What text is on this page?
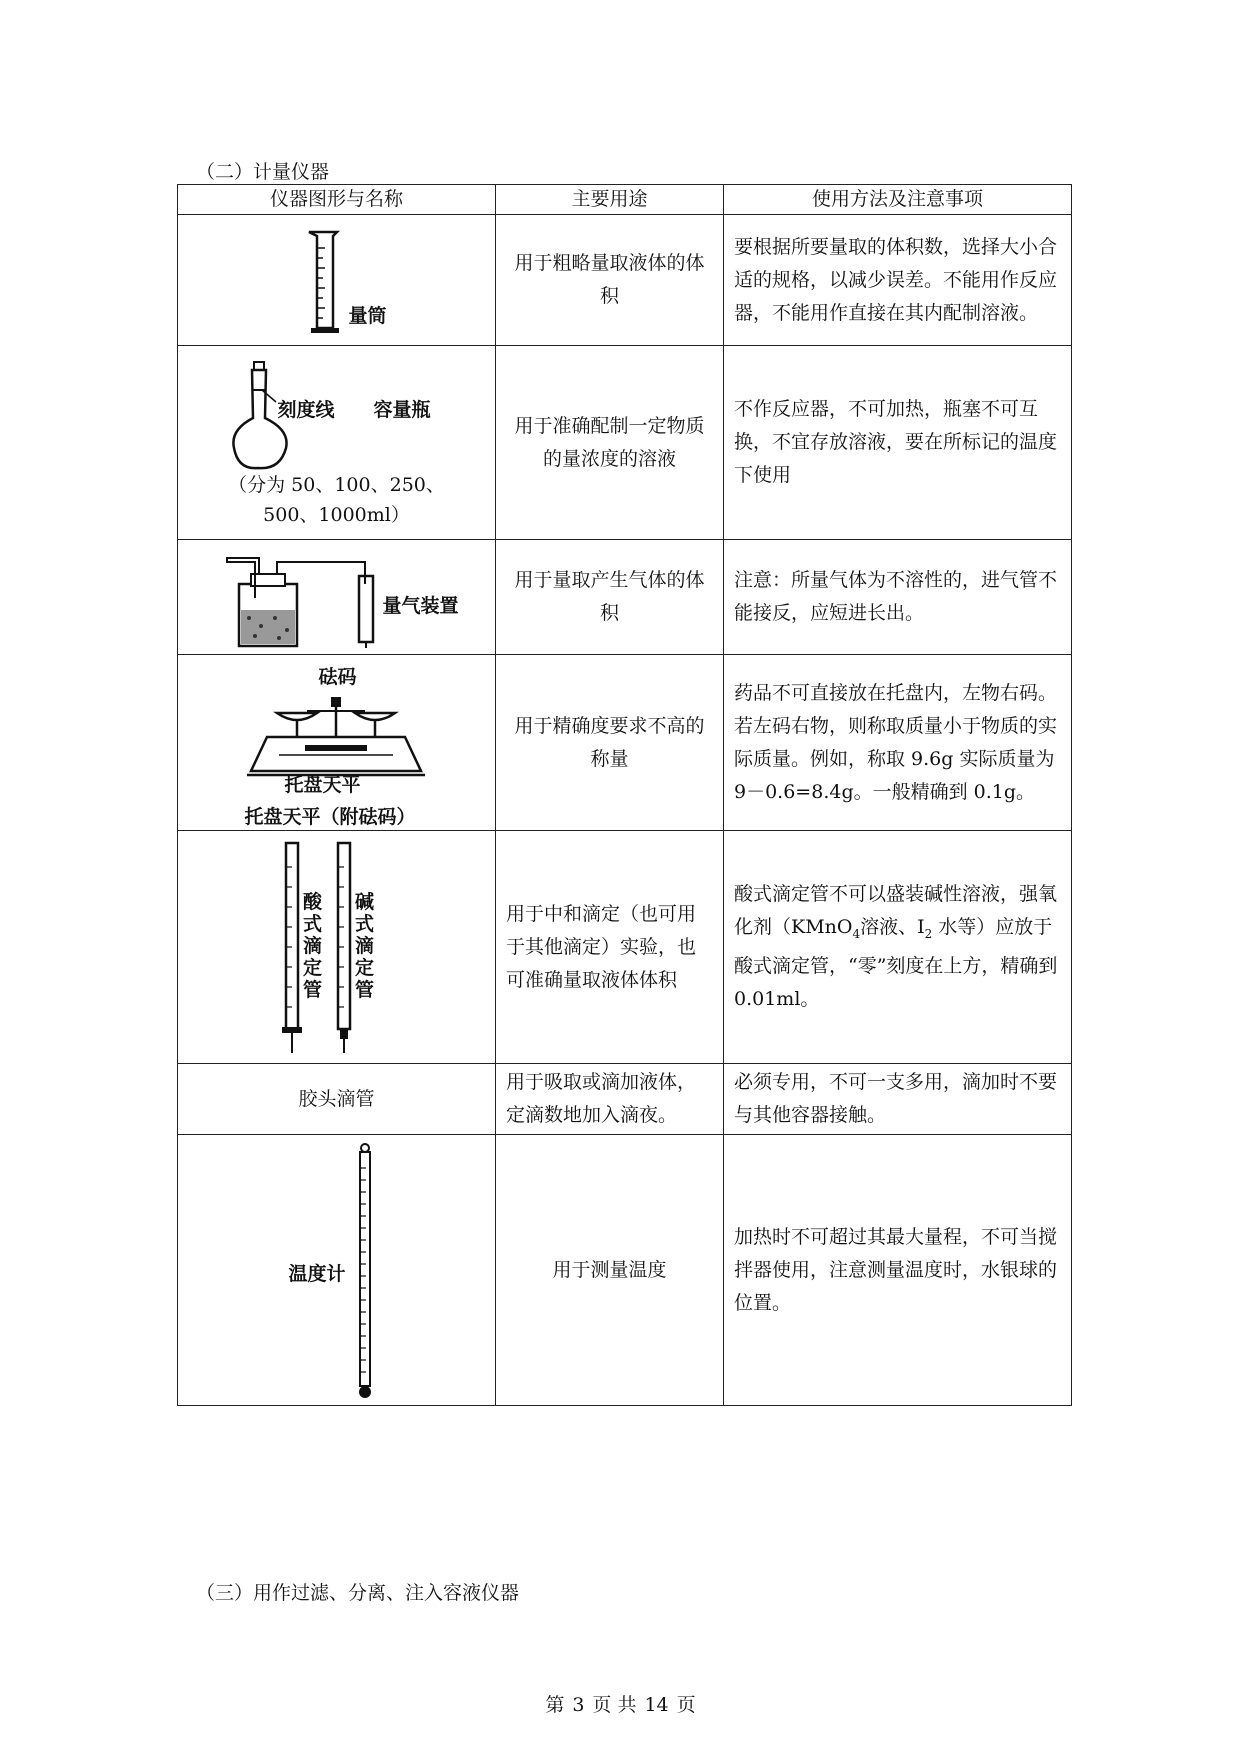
（二）计量仪器
仪器图形与名称	主要用途	使用方法及注意事项

量筒	用于粗略量取液体的体积	要根据所要量取的体积数，选择大小合适的规格，以减少误差。不能用作反应器，不能用作直接在其内配制溶液。

刻度线 容量瓶
（分为 50、100、250、500、1000ml）	用于准确配制一定物质的量浓度的溶液	不作反应器，不可加热，瓶塞不可互换，不宜存放溶液，要在所标记的温度下使用

量气装置	用于量取产生气体的体积	注意：所量气体为不溶性的，进气管不能接反，应短进长出。

砝码
托盘天平
托盘天平（附砝码）	用于精确度要求不高的称量	药品不可直接放在托盘内，左物右码。若左码右物，则称取质量小于物质的实际质量。例如，称取 9.6g 实际质量为 9－0.6=8.4g。一般精确到 0.1g。

酸式滴定管
碱式滴定管	用于中和滴定（也可用于其他滴定）实验，也可准确量取液体体积	酸式滴定管不可以盛装碱性溶液，强氧化剂（KMnO$_4$溶液、$I_2$ 水等）应放于酸式滴定管，“零”刻度在上方，精确到 0.01ml。
胶头滴管	用于吸取或滴加液体，定滴数地加入滴夜。	必须专用，不可一支多用，滴加时不要与其他容器接触。

温度计	用于测量温度	加热时不可超过其最大量程，不可当搅拌器使用，注意测量温度时，水银球的位置。
（三）用作过滤、分离、注入容液仪器
第 3 页 共 14 页
